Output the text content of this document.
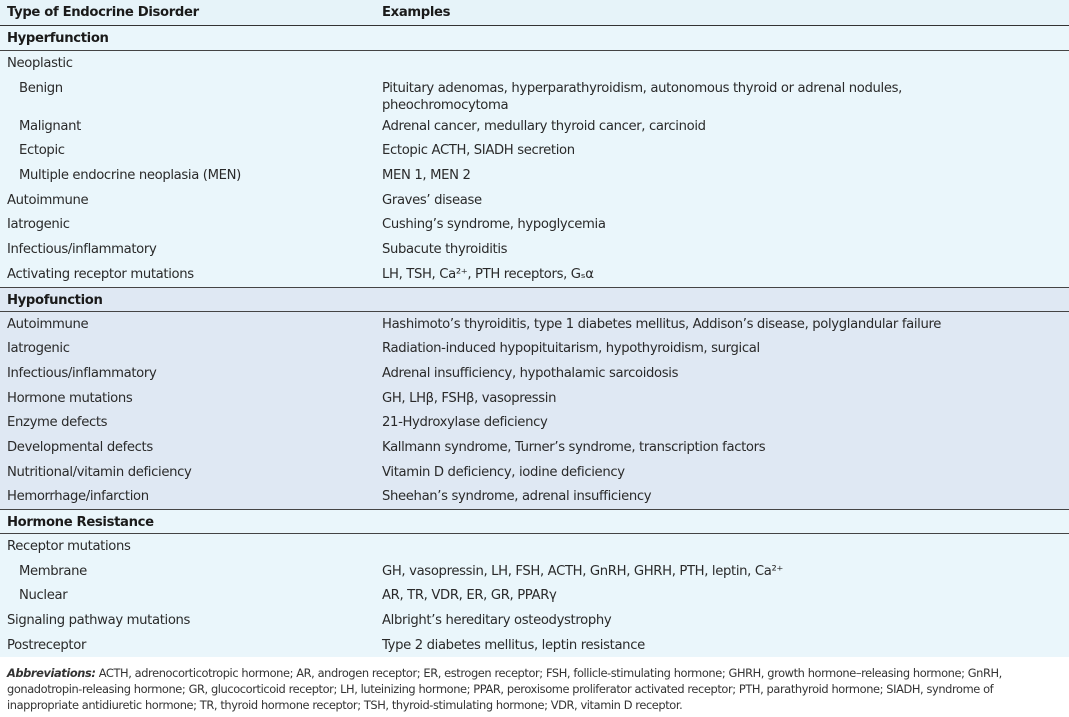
Type of Endocrine Disorder	Examples
Hyperfunction
Neoplastic
Benign	Pituitary adenomas, hyperparathyroidism, autonomous thyroid or adrenal nodules, pheochromocytoma
Malignant	Adrenal cancer, medullary thyroid cancer, carcinoid
Ectopic	Ectopic ACTH, SIADH secretion
Multiple endocrine neoplasia (MEN)	MEN 1, MEN 2
Autoimmune	Graves’ disease
Iatrogenic	Cushing’s syndrome, hypoglycemia
Infectious/inflammatory	Subacute thyroiditis
Activating receptor mutations	LH, TSH, Ca²⁺, PTH receptors, Gₛα
Hypofunction
Autoimmune	Hashimoto’s thyroiditis, type 1 diabetes mellitus, Addison’s disease, polyglandular failure
Iatrogenic	Radiation-induced hypopituitarism, hypothyroidism, surgical
Infectious/inflammatory	Adrenal insufficiency, hypothalamic sarcoidosis
Hormone mutations	GH, LHβ, FSHβ, vasopressin
Enzyme defects	21-Hydroxylase deficiency
Developmental defects	Kallmann syndrome, Turner’s syndrome, transcription factors
Nutritional/vitamin deficiency	Vitamin D deficiency, iodine deficiency
Hemorrhage/infarction	Sheehan’s syndrome, adrenal insufficiency
Hormone Resistance
Receptor mutations
Membrane	GH, vasopressin, LH, FSH, ACTH, GnRH, GHRH, PTH, leptin, Ca²⁺
Nuclear	AR, TR, VDR, ER, GR, PPARγ
Signaling pathway mutations	Albright’s hereditary osteodystrophy
Postreceptor	Type 2 diabetes mellitus, leptin resistance
Abbreviations: ACTH, adrenocorticotropic hormone; AR, androgen receptor; ER, estrogen receptor; FSH, follicle-stimulating hormone; GHRH, growth hormone–releasing hormone; GnRH, gonadotropin-releasing hormone; GR, glucocorticoid receptor; LH, luteinizing hormone; PPAR, peroxisome proliferator activated receptor; PTH, parathyroid hormone; SIADH, syndrome of inappropriate antidiuretic hormone; TR, thyroid hormone receptor; TSH, thyroid-stimulating hormone; VDR, vitamin D receptor.
